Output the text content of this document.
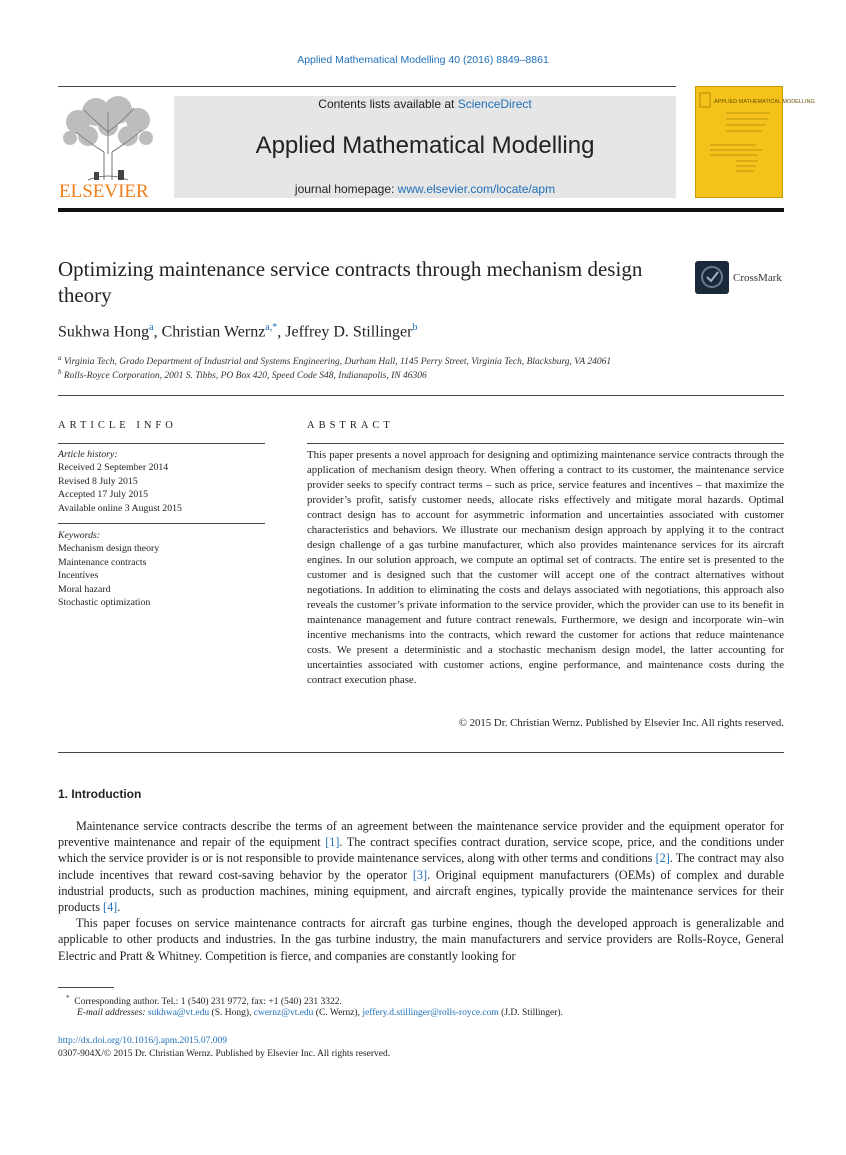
Applied Mathematical Modelling 40 (2016) 8849–8861
ELSEVIER
Contents lists available at ScienceDirect
Applied Mathematical Modelling
journal homepage: www.elsevier.com/locate/apm
APPLIED MATHEMATICAL MODELLING
Optimizing maintenance service contracts through mechanism design theory
CrossMark
Sukhwa Hong$^a$, Christian Wernz$^{a,*}$, Jeffrey D. Stillinger$^b$
$^a$ Virginia Tech, Grado Department of Industrial and Systems Engineering, Durham Hall, 1145 Perry Street, Virginia Tech, Blacksburg, VA 24061
$^b$ Rolls-Royce Corporation, 2001 S. Tibbs, PO Box 420, Speed Code S48, Indianapolis, IN 46306
ARTICLE INFO	ABSTRACT
Article history:
Received 2 September 2014
Revised 8 July 2015
Accepted 17 July 2015
Available online 3 August 2015
Keywords:
Mechanism design theory
Maintenance contracts
Incentives
Moral hazard
Stochastic optimization
This paper presents a novel approach for designing and optimizing maintenance service contracts through the application of mechanism design theory. When offering a contract to its customer, the maintenance service provider seeks to specify contract terms – such as price, service features and incentives – that maximize the provider’s profit, satisfy customer needs, allocate risks effectively and mitigate moral hazards. Optimal contract design has to account for asymmetric information and uncertainties associated with customer characteristics and behaviors. We illustrate our mechanism design approach by applying it to the contract design challenge of a gas turbine manufacturer, which also provides maintenance services for its aircraft engines. In our solution approach, we compute an optimal set of contracts. The entire set is presented to the customer and is designed such that the customer will accept one of the contract alternatives without negotiations. In addition to eliminating the costs and delays associated with negotiations, this approach also reveals the customer’s private information to the service provider, which the provider can use to its benefit in maintenance management and future contract renewals. Furthermore, we design and incorporate win–win incentive mechanisms into the contracts, which reward the customer for actions that reduce maintenance costs. We present a deterministic and a stochastic mechanism design model, the latter accounting for uncertainties associated with customer actions, engine performance, and maintenance costs during the contract execution phase.
© 2015 Dr. Christian Wernz. Published by Elsevier Inc. All rights reserved.
1. Introduction

Maintenance service contracts describe the terms of an agreement between the maintenance service provider and the equipment operator for preventive maintenance and repair of the equipment [1]. The contract specifies contract duration, service scope, price, and the conditions under which the service provider is or is not responsible to provide maintenance services, along with other terms and conditions [2]. The contract may also include incentives that reward cost-saving behavior by the operator [3]. Original equipment manufacturers (OEMs) of complex and durable industrial products, such as production machines, mining equipment, and aircraft engines, typically provide the maintenance services for their products [4].

This paper focuses on service maintenance contracts for aircraft gas turbine engines, though the developed approach is generalizable and applicable to other products and industries. In the gas turbine industry, the main manufacturers and service providers are Rolls-Royce, General Electric and Pratt & Whitney. Competition is fierce, and companies are constantly looking for

* Corresponding author. Tel.: 1 (540) 231 9772, fax: +1 (540) 231 3322.
E-mail addresses: sukhwa@vt.edu (S. Hong), cwernz@vt.edu (C. Wernz), jeffery.d.stillinger@rolls-royce.com (J.D. Stillinger).
http://dx.doi.org/10.1016/j.apm.2015.07.009
0307-904X/© 2015 Dr. Christian Wernz. Published by Elsevier Inc. All rights reserved.
